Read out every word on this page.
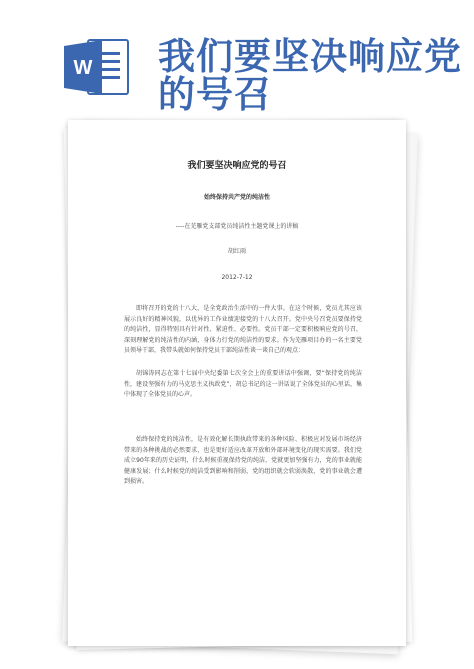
W 我们要坚决响应党
的号召
我们要坚决响应党的号召
始终保持共产党的纯洁性
----在芜雁党支部党员纯洁性主题党课上的讲稿
胡红雨
2012-7-12
即将召开的党的十八大，是全党政治生活中的一件大事。在这个时候，党员尤其应该展示良好的精神风貌，以优异的工作业绩迎接党的十八大召开。党中央号召党员要保持党的纯洁性，显得特别具有针对性、紧迫性、必要性。党员干部一定要积极响应党的号召，深刻理解党的纯洁性的内涵，身体力行党的纯洁性的要求。作为芜雁项目办的一名主要党员领导干部，我带头就如何保持党员干部纯洁性谈一谈自己的观点：
胡锦涛同志在第十七届中央纪委第七次全会上的重要讲话中强调，要“保持党的纯洁性，建设坚强有力的马克思主义执政党”，胡总书记的这一讲话说了全体党员的心里话，集中体现了全体党员的心声。
始终保持党的纯洁性，是有效化解长期执政带来的各种风险、积极应对发展市场经济带来的各种挑战的必然要求，也是更好适应改革开放和外部环境变化的现实需要。我们党成立90年来的历史证明，什么时候重视保持党的纯洁，党就更加坚强有力，党的事业就能健康发展；什么时候党的纯洁受到影响和削弱，党的组织就会软弱涣散，党的事业就会遭到损害。
